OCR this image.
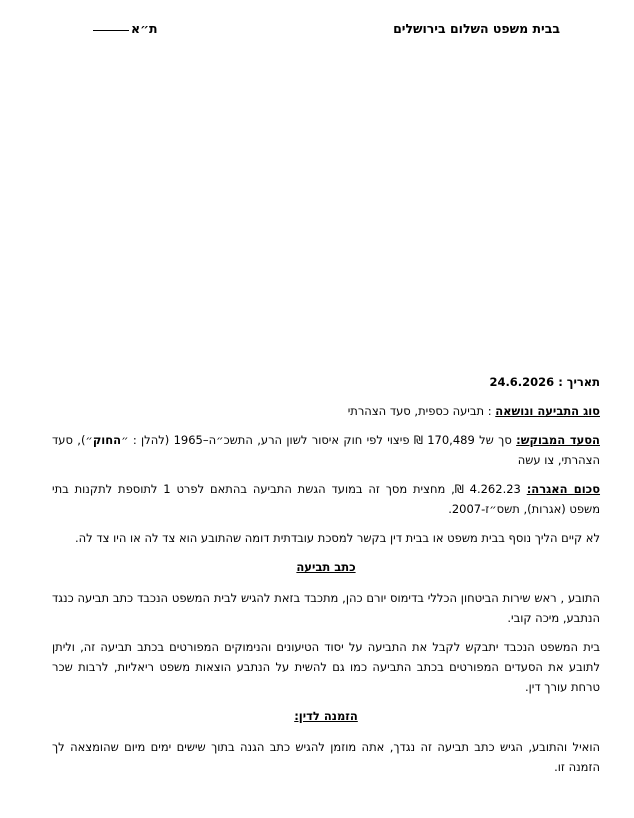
בבית משפט השלום בירושלים
ת״א

תאריך : 24.6.2026

סוג התביעה ונושאה : תביעה כספית, סעד הצהרתי

הסעד המבוקש: סך של 170,489 ₪ פיצוי לפי חוק איסור לשון הרע, התשכ״ה–1965 (להלן : ״החוק״), סעד הצהרתי, צו עשה

סכום האגרה: 4.262.23 ₪, מחצית מסך זה במועד הגשת התביעה בהתאם לפרט 1 לתוספת לתקנות בתי משפט (אגרות), תשס״ז-2007.

לא קיים הליך נוסף בבית משפט או בבית דין בקשר למסכת עובדתית דומה שהתובע הוא צד לה או היו צד לה.

כתב תביעה

התובע , ראש שירות הביטחון הכללי בדימוס יורם כהן, מתכבד בזאת להגיש לבית המשפט הנכבד כתב תביעה כנגד הנתבע, מיכה קובי.

בית המשפט הנכבד יתבקש לקבל את התביעה על יסוד הטיעונים והנימוקים המפורטים בכתב תביעה זה, וליתן לתובע את הסעדים המפורטים בכתב התביעה כמו גם להשית על הנתבע הוצאות משפט ריאליות, לרבות שכר טרחת עורך דין.

הזמנה לדין:

הואיל והתובע, הגיש כתב תביעה זה נגדך, אתה מוזמן להגיש כתב הגנה בתוך שישים ימים מיום שהומצאה לך הזמנה זו.
